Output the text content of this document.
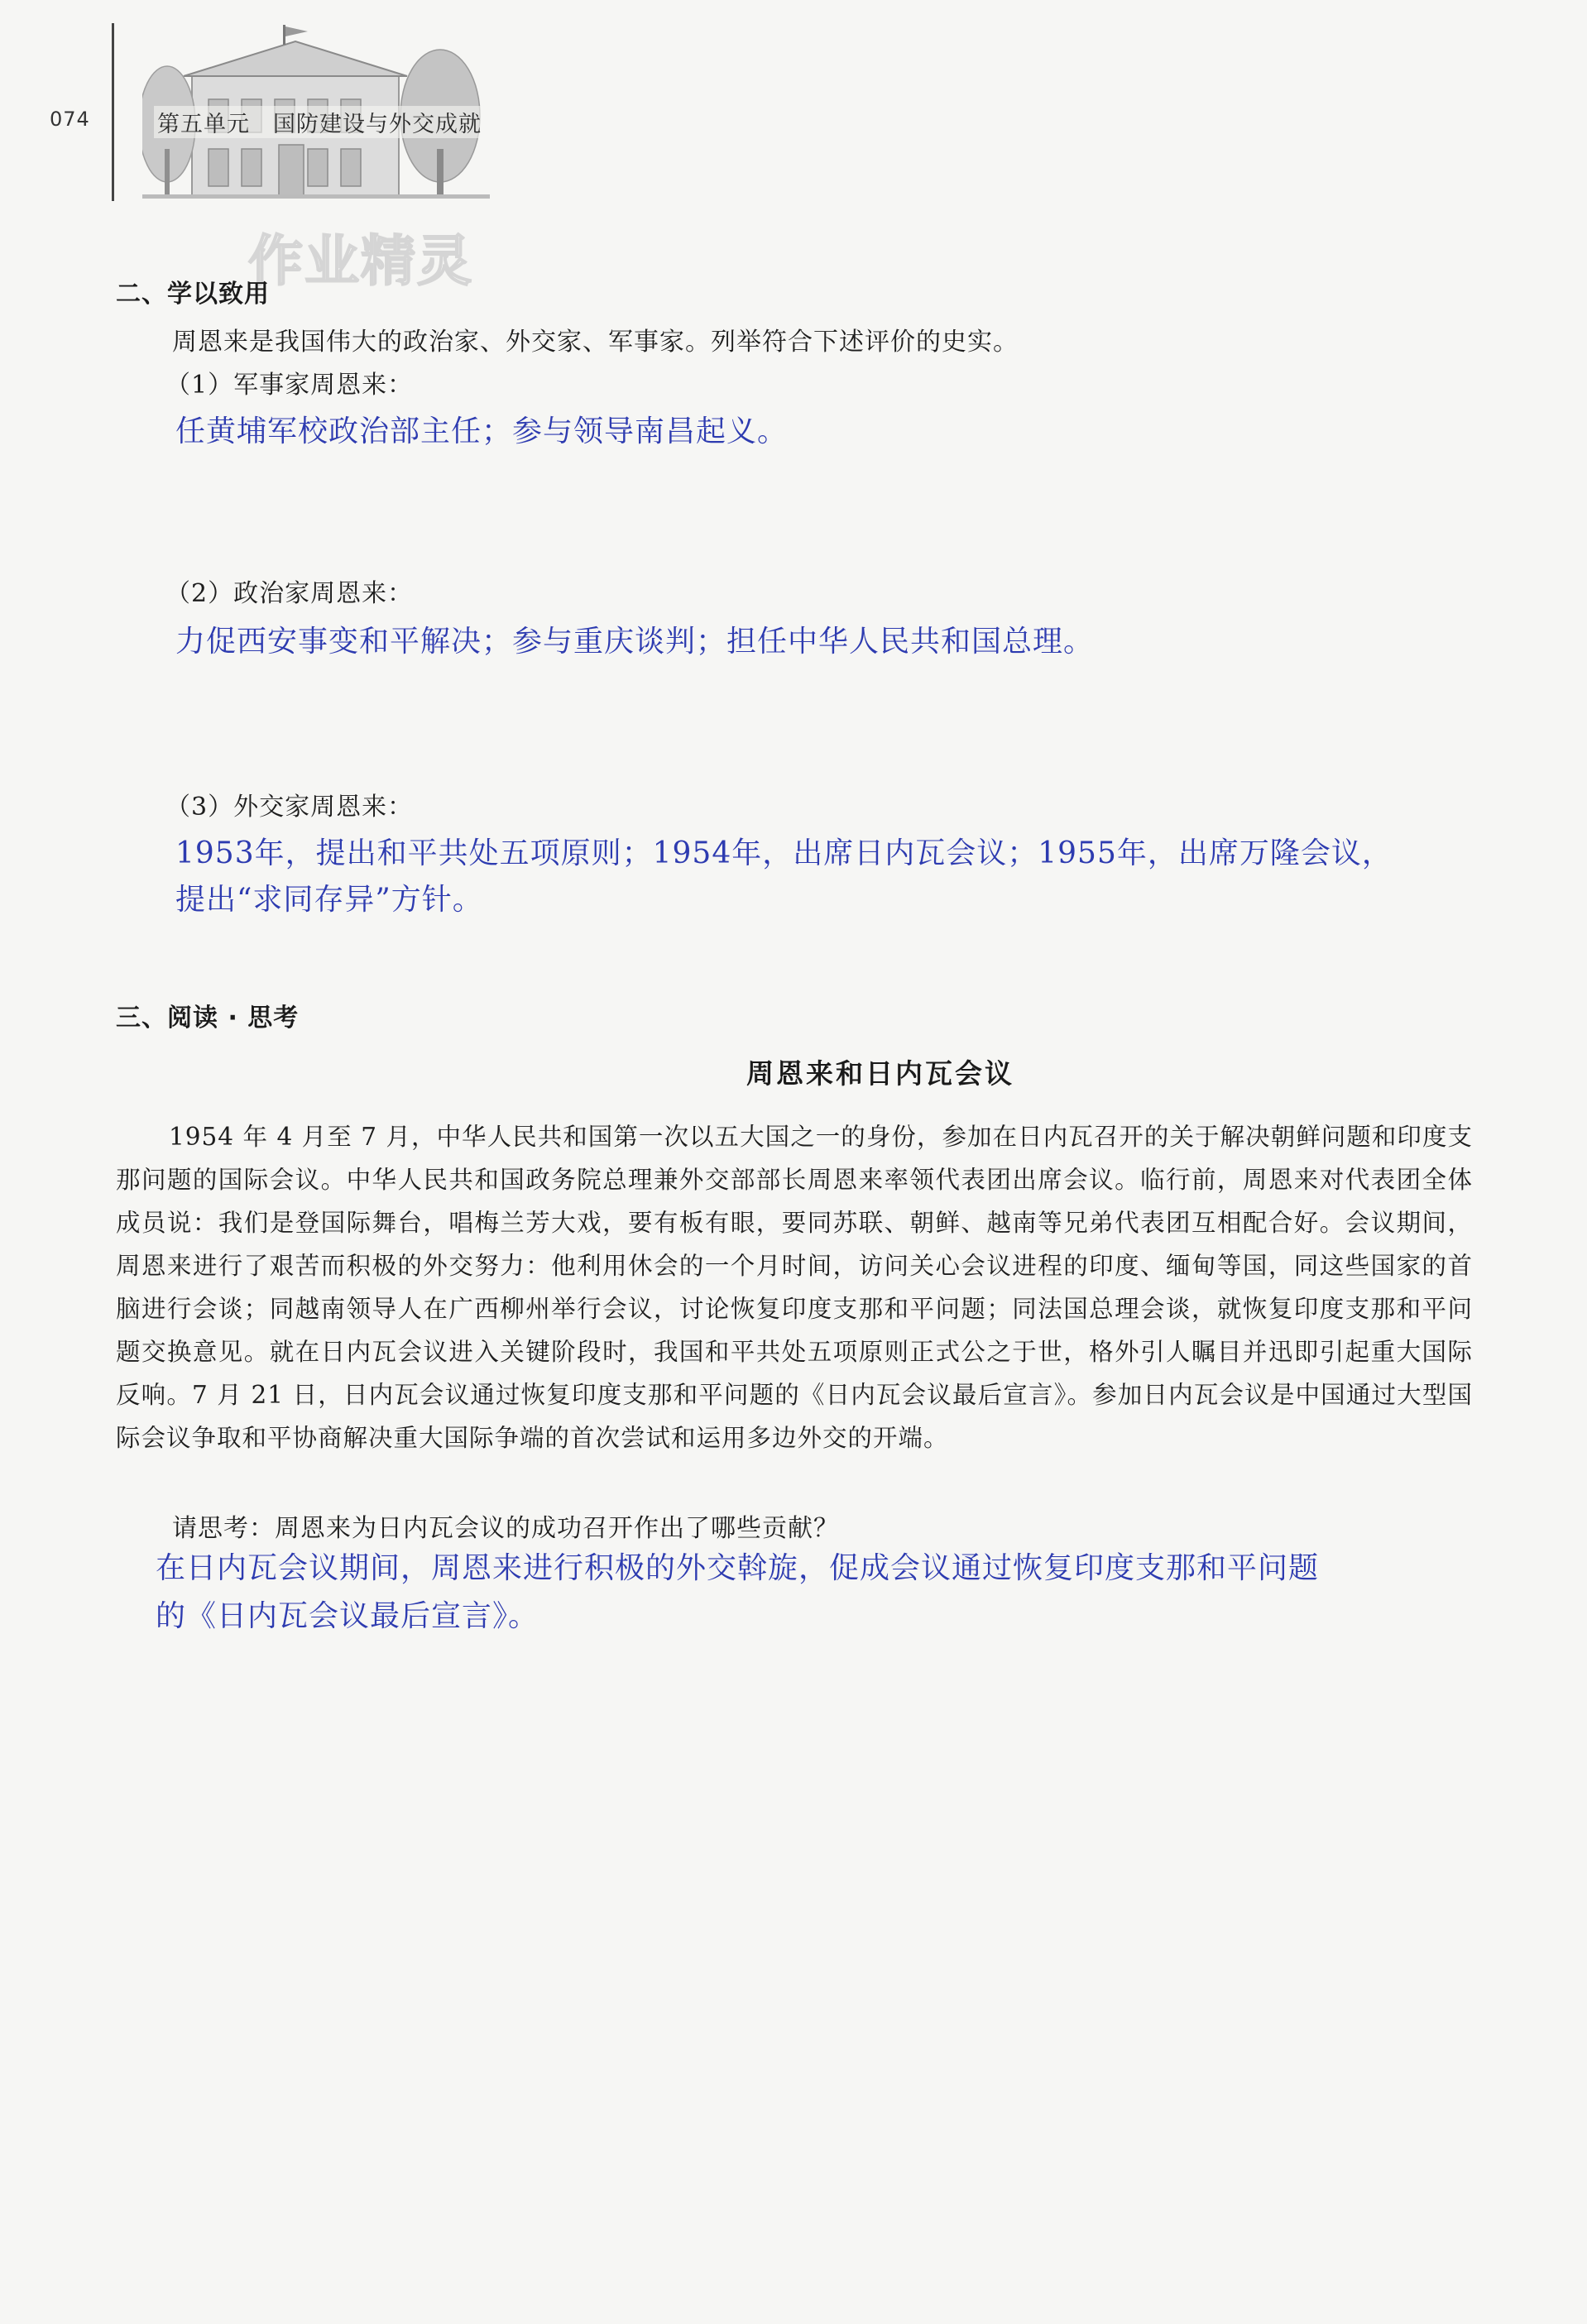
074	第五单元　国防建设与外交成就
作业精灵
二、学以致用
周恩来是我国伟大的政治家、外交家、军事家。列举符合下述评价的史实。
（1）军事家周恩来：
任黄埔军校政治部主任；参与领导南昌起义。
（2）政治家周恩来：
力促西安事变和平解决；参与重庆谈判；担任中华人民共和国总理。
（3）外交家周恩来：
1953年，提出和平共处五项原则；1954年，出席日内瓦会议；1955年，出席万隆会议，
提出“求同存异”方针。
三、阅读 · 思考
周恩来和日内瓦会议
1954 年 4 月至 7 月，中华人民共和国第一次以五大国之一的身份，参加在日内瓦召开的关于解决朝鲜问题和印度支那问题的国际会议。中华人民共和国政务院总理兼外交部部长周恩来率领代表团出席会议。临行前，周恩来对代表团全体成员说：我们是登国际舞台，唱梅兰芳大戏，要有板有眼，要同苏联、朝鲜、越南等兄弟代表团互相配合好。会议期间，周恩来进行了艰苦而积极的外交努力：他利用休会的一个月时间，访问关心会议进程的印度、缅甸等国，同这些国家的首脑进行会谈；同越南领导人在广西柳州举行会议，讨论恢复印度支那和平问题；同法国总理会谈，就恢复印度支那和平问题交换意见。就在日内瓦会议进入关键阶段时，我国和平共处五项原则正式公之于世，格外引人瞩目并迅即引起重大国际反响。7 月 21 日，日内瓦会议通过恢复印度支那和平问题的《日内瓦会议最后宣言》。参加日内瓦会议是中国通过大型国际会议争取和平协商解决重大国际争端的首次尝试和运用多边外交的开端。
请思考：周恩来为日内瓦会议的成功召开作出了哪些贡献？
在日内瓦会议期间，周恩来进行积极的外交斡旋，促成会议通过恢复印度支那和平问题
的《日内瓦会议最后宣言》。
